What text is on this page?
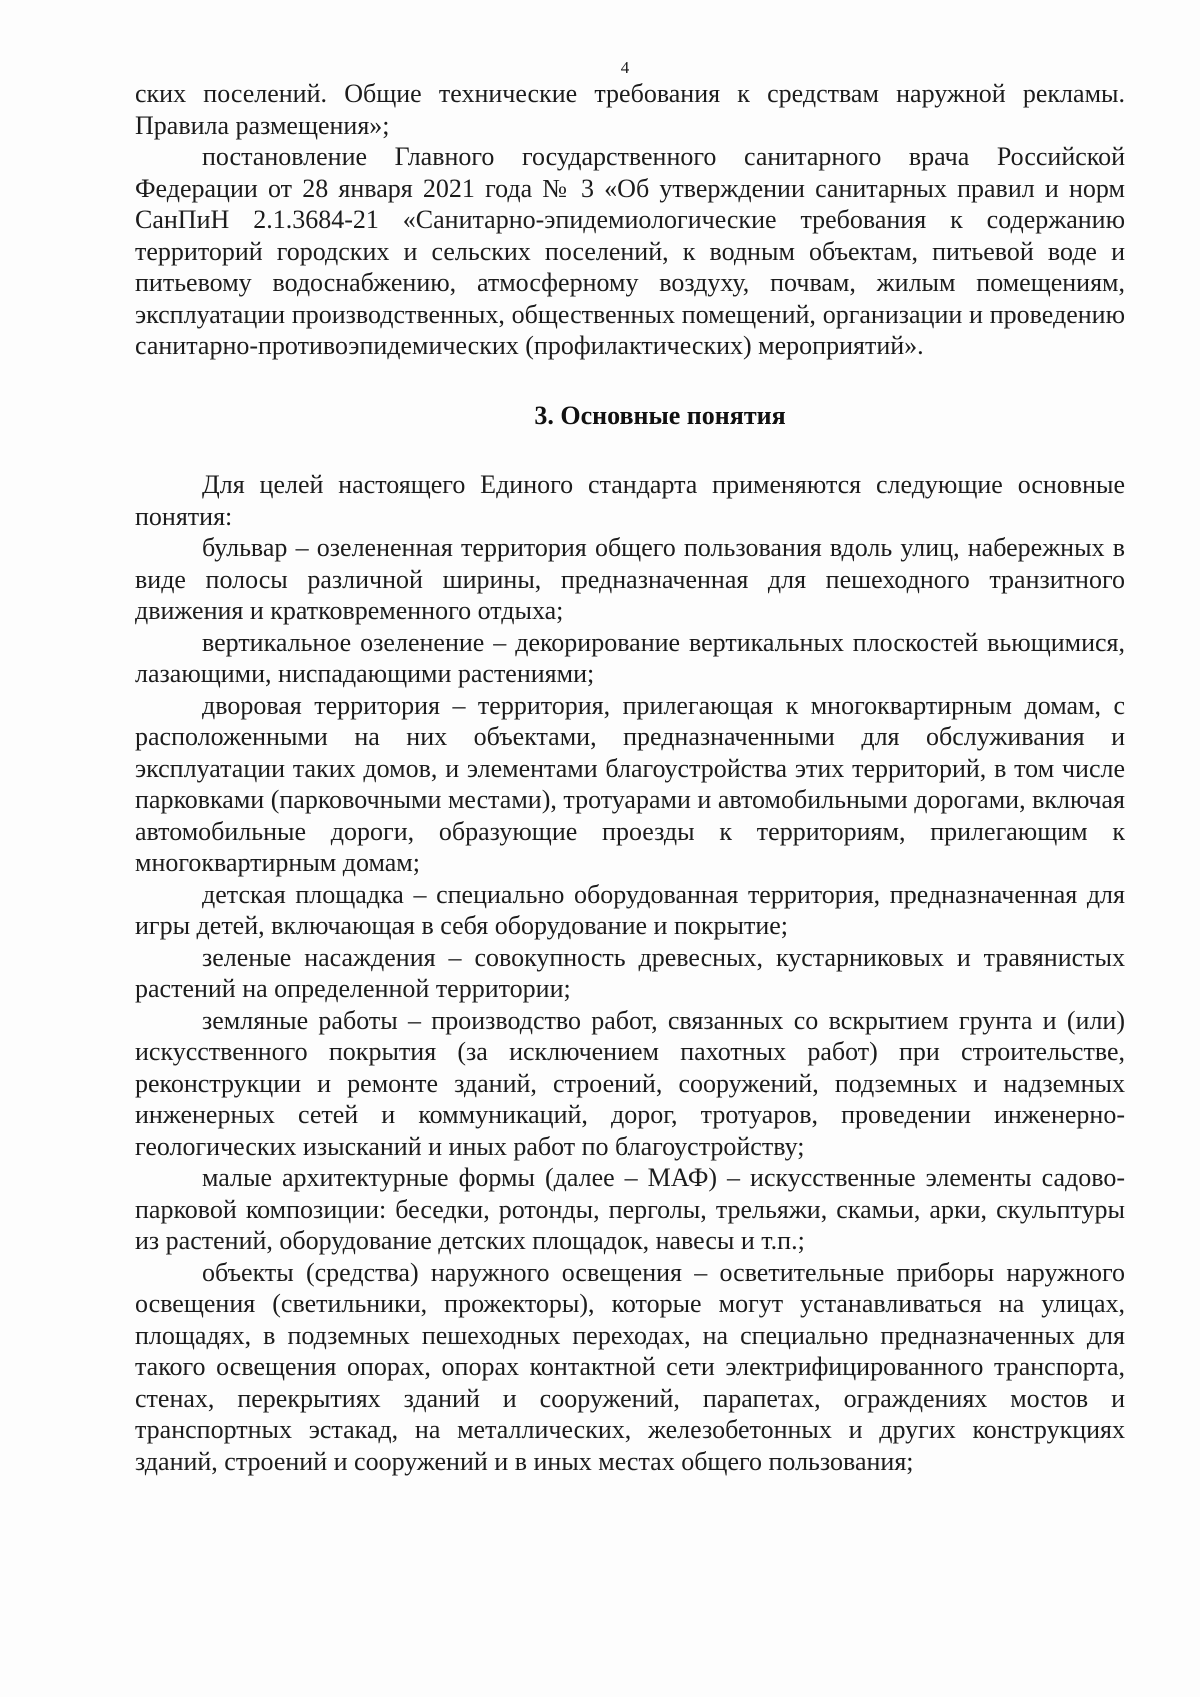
4

ских поселений. Общие технические требования к средствам наружной рекламы. Правила размещения»;

постановление Главного государственного санитарного врача Российской Федерации от 28 января 2021 года № 3 «Об утверждении санитарных правил и норм СанПиН 2.1.3684-21 «Санитарно-эпидемиологические требования к содержанию территорий городских и сельских поселений, к водным объектам, питьевой воде и питьевому водоснабжению, атмосферному воздуху, почвам, жилым помещениям, эксплуатации производственных, общественных помещений, организации и проведению санитарно-противоэпидемических (профилактических) мероприятий».

3. Основные понятия

Для целей настоящего Единого стандарта применяются следующие основные понятия:

бульвар – озелененная территория общего пользования вдоль улиц, набережных в виде полосы различной ширины, предназначенная для пешеходного транзитного движения и кратковременного отдыха;

вертикальное озеленение – декорирование вертикальных плоскостей вьющимися, лазающими, ниспадающими растениями;

дворовая территория – территория, прилегающая к многоквартирным домам, с расположенными на них объектами, предназначенными для обслуживания и эксплуатации таких домов, и элементами благоустройства этих территорий, в том числе парковками (парковочными местами), тротуарами и автомобильными дорогами, включая автомобильные дороги, образующие проезды к территориям, прилегающим к многоквартирным домам;

детская площадка – специально оборудованная территория, предназначенная для игры детей, включающая в себя оборудование и покрытие;

зеленые насаждения – совокупность древесных, кустарниковых и травянистых растений на определенной территории;

земляные работы – производство работ, связанных со вскрытием грунта и (или) искусственного покрытия (за исключением пахотных работ) при строительстве, реконструкции и ремонте зданий, строений, сооружений, подземных и надземных инженерных сетей и коммуникаций, дорог, тротуаров, проведении инженерно-геологических изысканий и иных работ по благоустройству;

малые архитектурные формы (далее – МАФ) – искусственные элементы садово-парковой композиции: беседки, ротонды, перголы, трельяжи, скамьи, арки, скульптуры из растений, оборудование детских площадок, навесы и т.п.;

объекты (средства) наружного освещения – осветительные приборы наружного освещения (светильники, прожекторы), которые могут устанавливаться на улицах, площадях, в подземных пешеходных переходах, на специально предназначенных для такого освещения опорах, опорах контактной сети электрифицированного транспорта, стенах, перекрытиях зданий и сооружений, парапетах, ограждениях мостов и транспортных эстакад, на металлических, железобетонных и других конструкциях зданий, строений и сооружений и в иных местах общего пользования;
